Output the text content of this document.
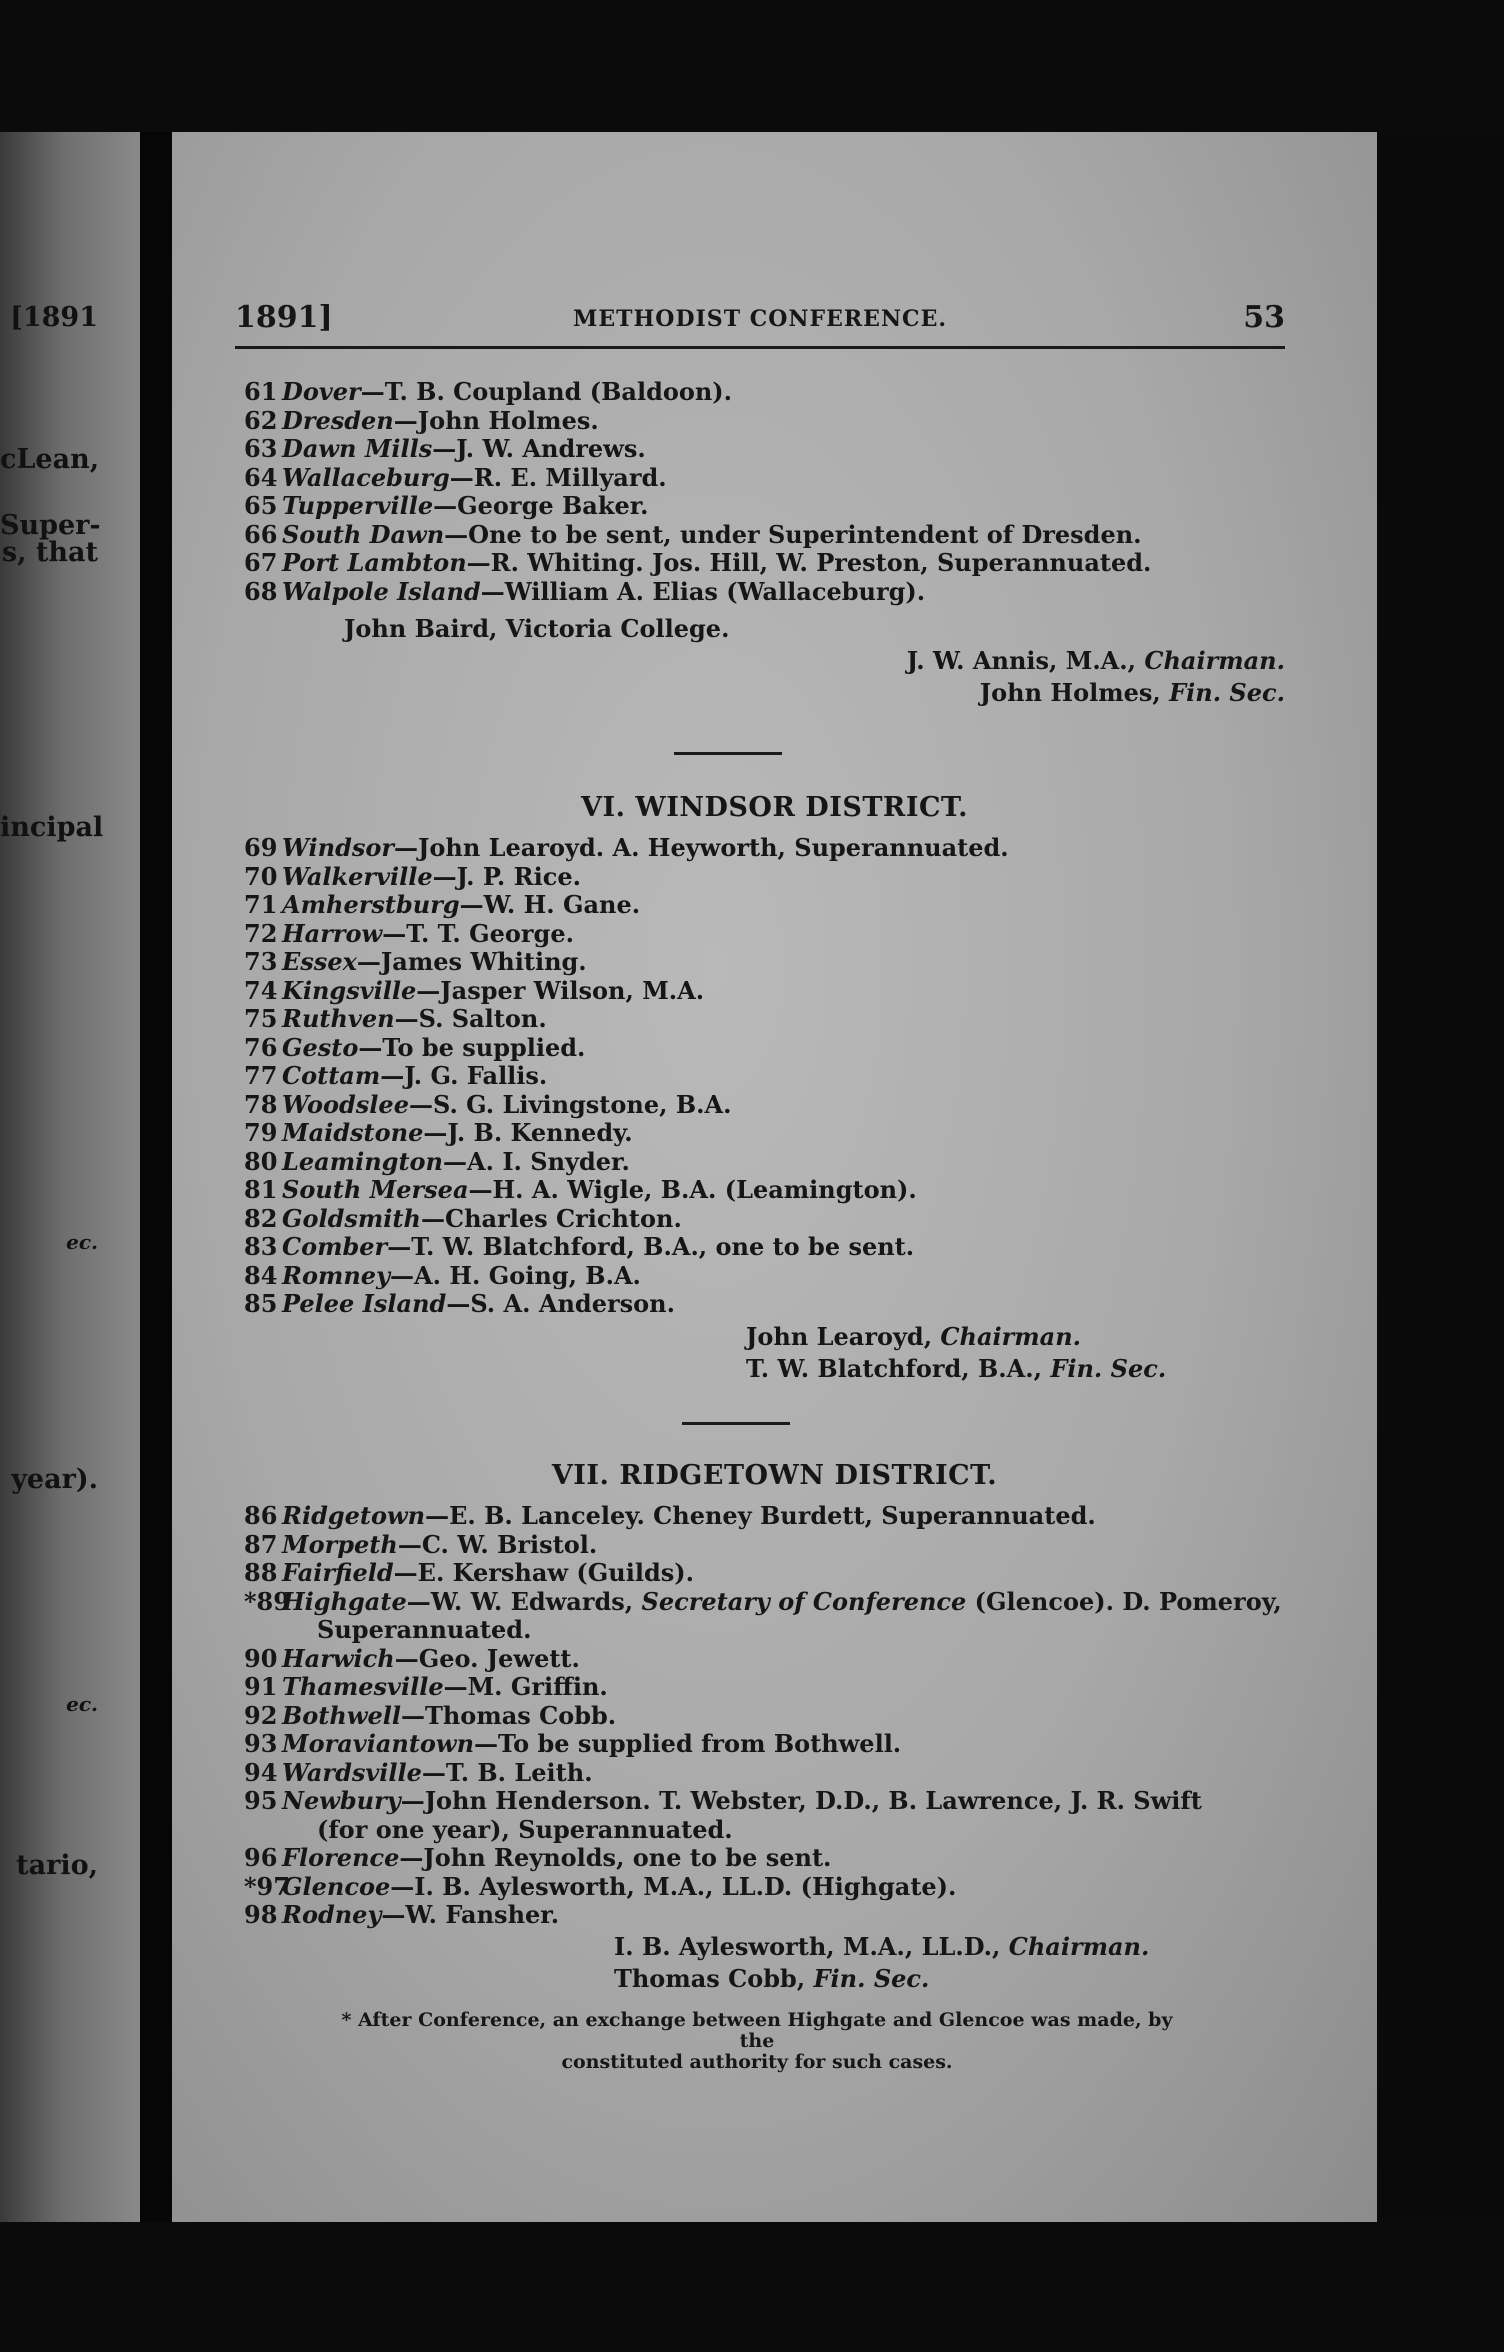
[1891
cLean,
Super-
s, that
incipal
ec.
year).
ec.
tario,
1891]	METHODIST CONFERENCE.	53
61 Dover—T. B. Coupland (Baldoon).
62 Dresden—John Holmes.
63 Dawn Mills—J. W. Andrews.
64 Wallaceburg—R. E. Millyard.
65 Tupperville—George Baker.
66 South Dawn—One to be sent, under Superintendent of Dresden.
67 Port Lambton—R. Whiting. Jos. Hill, W. Preston, Superannuated.
68 Walpole Island—William A. Elias (Wallaceburg).
John Baird, Victoria College.
J. W. Annis, M.A., Chairman.
John Holmes, Fin. Sec.
VI. WINDSOR DISTRICT.
69 Windsor—John Learoyd. A. Heyworth, Superannuated.
70 Walkerville—J. P. Rice.
71 Amherstburg—W. H. Gane.
72 Harrow—T. T. George.
73 Essex—James Whiting.
74 Kingsville—Jasper Wilson, M.A.
75 Ruthven—S. Salton.
76 Gesto—To be supplied.
77 Cottam—J. G. Fallis.
78 Woodslee—S. G. Livingstone, B.A.
79 Maidstone—J. B. Kennedy.
80 Leamington—A. I. Snyder.
81 South Mersea—H. A. Wigle, B.A. (Leamington).
82 Goldsmith—Charles Crichton.
83 Comber—T. W. Blatchford, B.A., one to be sent.
84 Romney—A. H. Going, B.A.
85 Pelee Island—S. A. Anderson.
John Learoyd, Chairman.
T. W. Blatchford, B.A., Fin. Sec.
VII. RIDGETOWN DISTRICT.
86 Ridgetown—E. B. Lanceley. Cheney Burdett, Superannuated.
87 Morpeth—C. W. Bristol.
88 Fairfield—E. Kershaw (Guilds).
*89Highgate—W. W. Edwards, Secretary of Conference (Glencoe). D. Pomeroy,
Superannuated.
90 Harwich—Geo. Jewett.
91 Thamesville—M. Griffin.
92 Bothwell—Thomas Cobb.
93 Moraviantown—To be supplied from Bothwell.
94 Wardsville—T. B. Leith.
95 Newbury—John Henderson. T. Webster, D.D., B. Lawrence, J. R. Swift
(for one year), Superannuated.
96 Florence—John Reynolds, one to be sent.
*97Glencoe—I. B. Aylesworth, M.A., LL.D. (Highgate).
98 Rodney—W. Fansher.
I. B. Aylesworth, M.A., LL.D., Chairman.
Thomas Cobb, Fin. Sec.
* After Conference, an exchange between Highgate and Glencoe was made, by the
constituted authority for such cases.
